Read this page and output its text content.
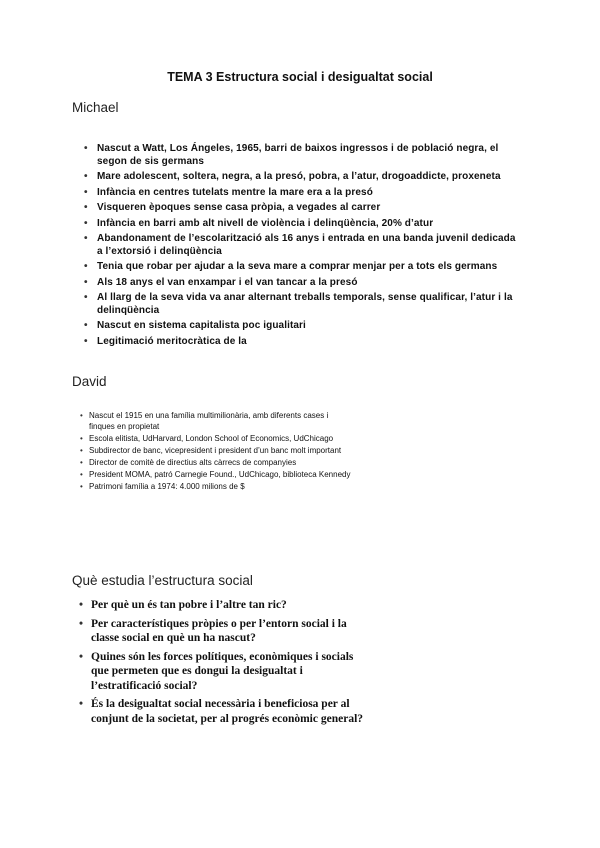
TEMA 3 Estructura social i desigualtat social
Michael
• Nascut a Watt, Los Ángeles, 1965, barri de baixos ingressos i de població negra, el segon de sis germans
• Mare adolescent, soltera, negra, a la presó, pobra, a l’atur, drogoaddicte, proxeneta
• Infància en centres tutelats mentre la mare era a la presó
• Visqueren èpoques sense casa pròpia, a vegades al carrer
• Infància en barri amb alt nivell de violència i delinqüència, 20% d’atur
• Abandonament de l’escolarització als 16 anys i entrada en una banda juvenil dedicada a l’extorsió i delinqüència
• Tenia que robar per ajudar a la seva mare a comprar menjar per a tots els germans
• Als 18 anys el van enxampar i el van tancar a la presó
• Al llarg de la seva vida va anar alternant treballs temporals, sense qualificar, l’atur i la delinqüència
• Nascut en sistema capitalista poc igualitari
• Legitimació meritocràtica de la
David
• Nascut el 1915 en una família multimilionària, amb diferents cases i finques en propietat
• Escola elitista, UdHarvard, London School of Economics, UdChicago
• Subdirector de banc, vicepresident i president d’un banc molt important
• Director de comitè de directius alts càrrecs de companyies
• President MOMA, patró Carnegie Found., UdChicago, biblioteca Kennedy
• Patrimoni família a 1974: 4.000 milions de $
Què estudia l’estructura social
• Per què un és tan pobre i l’altre tan ric?
• Per característiques pròpies o per l’entorn social i la classe social en què un ha nascut?
• Quines són les forces polítiques, econòmiques i socials que permeten que es dongui la desigualtat i l’estratificació social?
• És la desigualtat social necessària i beneficiosa per al conjunt de la societat, per al progrés econòmic general?
